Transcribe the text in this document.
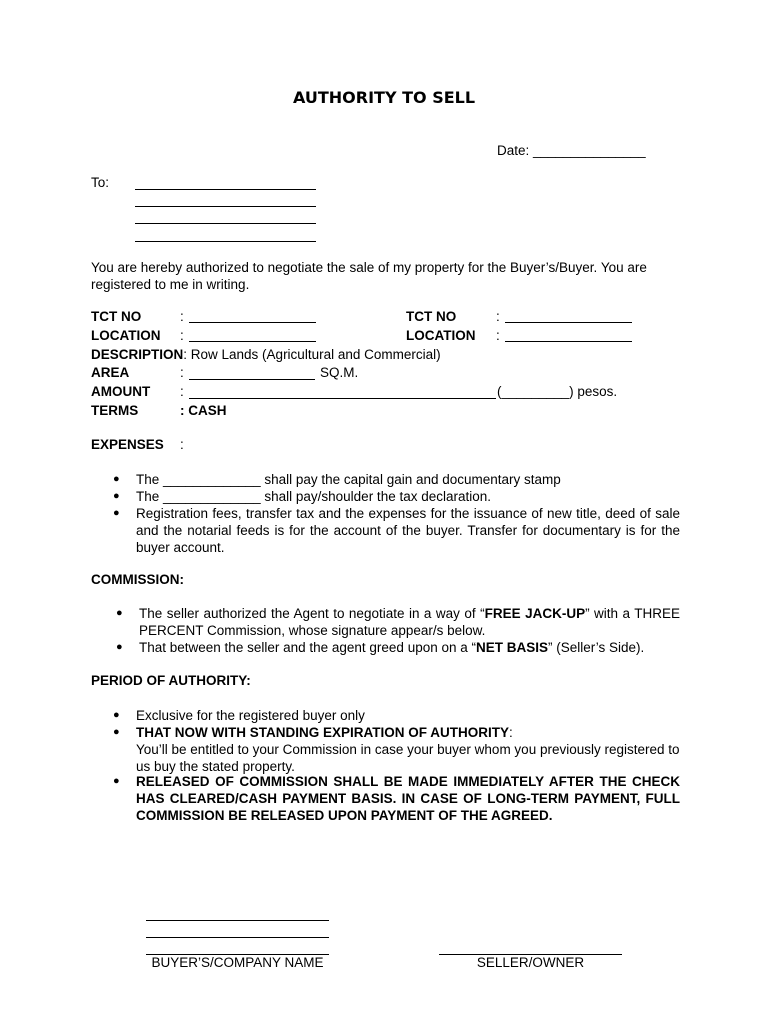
AUTHORITY TO SELL
Date: _______________
To:
You are hereby authorized to negotiate the sale of my property for the Buyer’s/Buyer. You are registered to me in writing.
TCT NO	:	TCT NO	:
LOCATION :	LOCATION :
DESCRIPTION: Row Lands (Agricultural and Commercial)
AREA	:	SQ.M.
AMOUNT :	(_________) pesos.
TERMS	: CASH
EXPENSES :
● The _____________ shall pay the capital gain and documentary stamp
● The _____________ shall pay/shoulder the tax declaration.
● Registration fees, transfer tax and the expenses for the issuance of new title, deed of sale and the notarial feeds is for the account of the buyer. Transfer for documentary is for the buyer account.
COMMISSION:
● The seller authorized the Agent to negotiate in a way of “FREE JACK-UP” with a THREE PERCENT Commission, whose signature appear/s below.
● That between the seller and the agent greed upon on a “NET BASIS” (Seller’s Side).
PERIOD OF AUTHORITY:
● Exclusive for the registered buyer only
● THAT NOW WITH STANDING EXPIRATION OF AUTHORITY:
You’ll be entitled to your Commission in case your buyer whom you previously registered to us buy the stated property.
● RELEASED OF COMMISSION SHALL BE MADE IMMEDIATELY AFTER THE CHECK HAS CLEARED/CASH PAYMENT BASIS. IN CASE OF LONG-TERM PAYMENT, FULL COMMISSION BE RELEASED UPON PAYMENT OF THE AGREED.
BUYER’S/COMPANY NAME	SELLER/OWNER
